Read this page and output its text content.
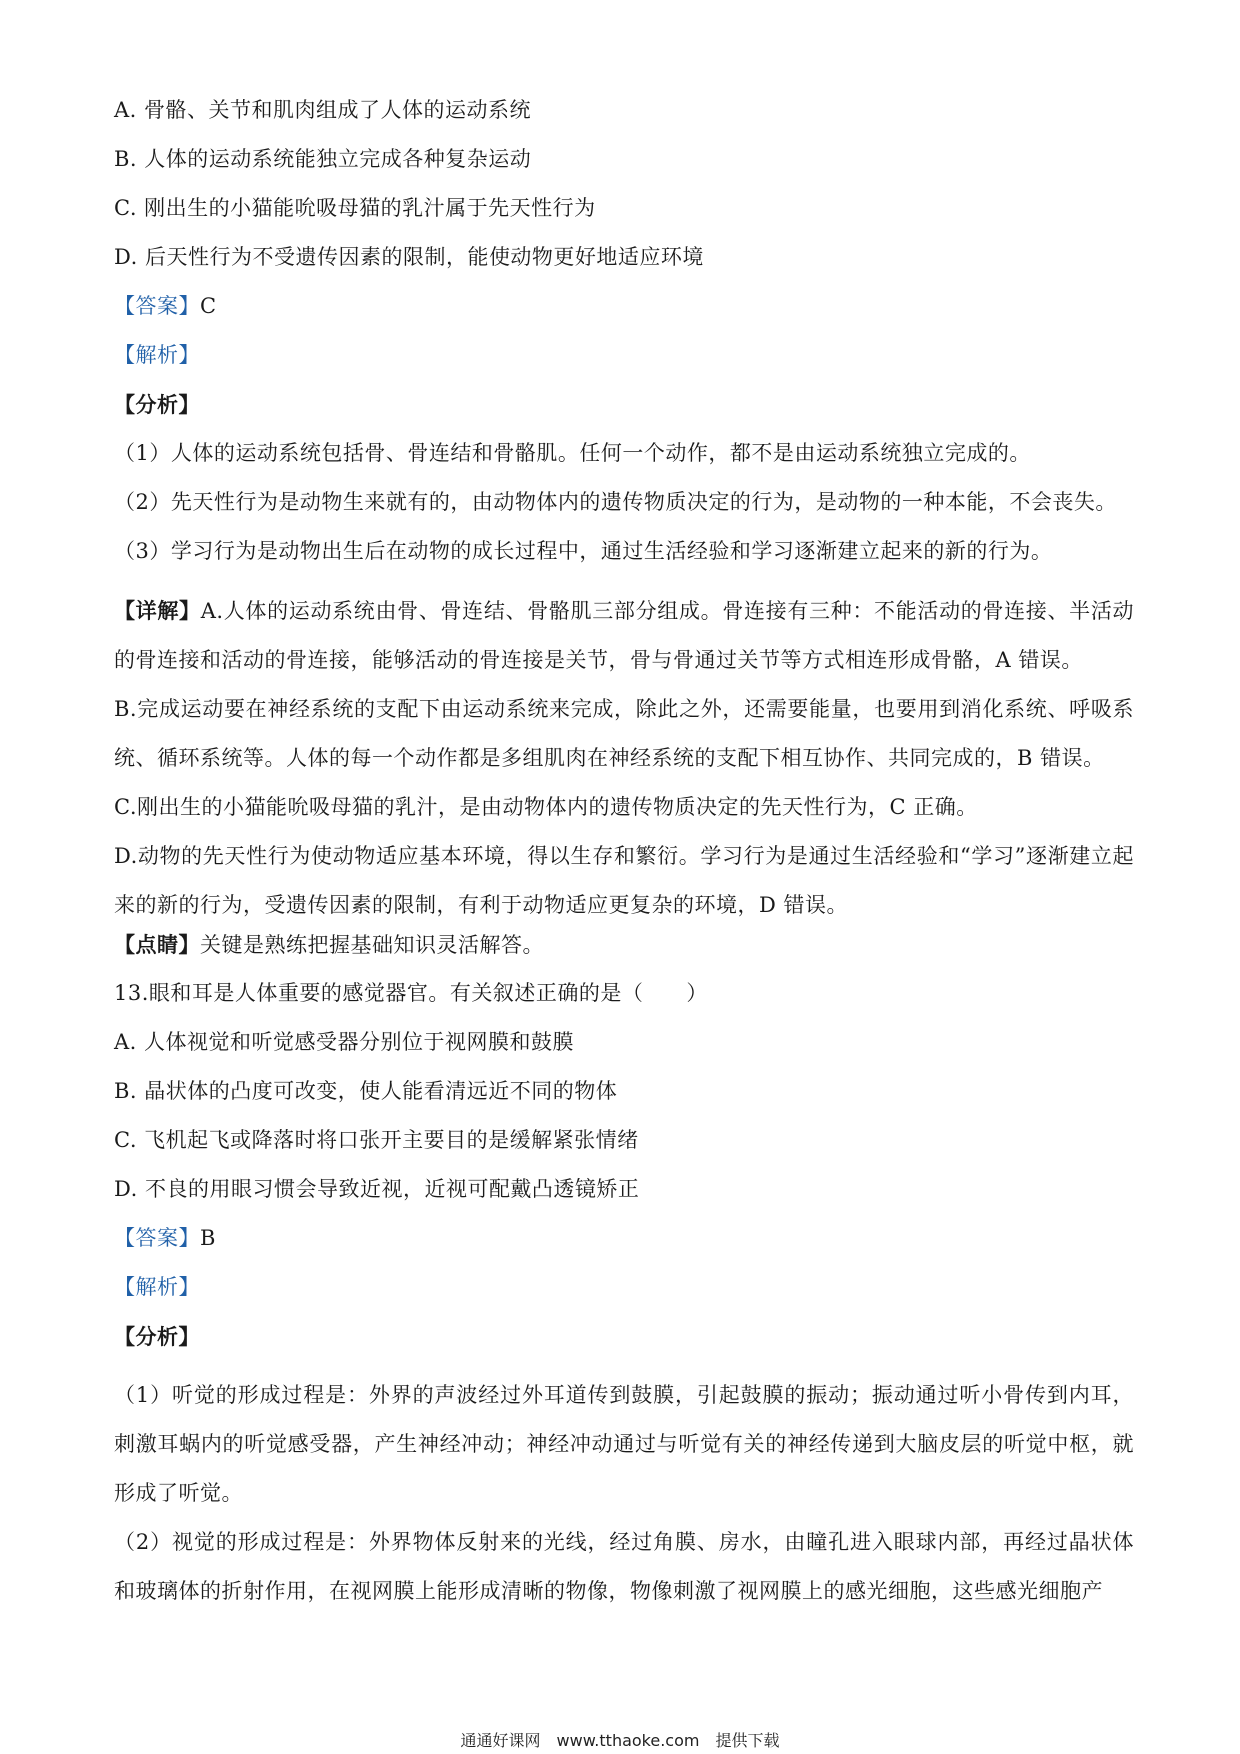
A. 骨骼、关节和肌肉组成了人体的运动系统
B. 人体的运动系统能独立完成各种复杂运动
C. 刚出生的小猫能吮吸母猫的乳汁属于先天性行为
D. 后天性行为不受遗传因素的限制，能使动物更好地适应环境
【答案】C
【解析】
【分析】
（1）人体的运动系统包括骨、骨连结和骨骼肌。任何一个动作，都不是由运动系统独立完成的。
（2）先天性行为是动物生来就有的，由动物体内的遗传物质决定的行为，是动物的一种本能，不会丧失。
（3）学习行为是动物出生后在动物的成长过程中，通过生活经验和学习逐渐建立起来的新的行为。
【详解】A.人体的运动系统由骨、骨连结、骨骼肌三部分组成。骨连接有三种：不能活动的骨连接、半活动的骨连接和活动的骨连接，能够活动的骨连接是关节，骨与骨通过关节等方式相连形成骨骼，A 错误。
B.完成运动要在神经系统的支配下由运动系统来完成，除此之外，还需要能量，也要用到消化系统、呼吸系统、循环系统等。人体的每一个动作都是多组肌肉在神经系统的支配下相互协作、共同完成的，B 错误。
C.刚出生的小猫能吮吸母猫的乳汁，是由动物体内的遗传物质决定的先天性行为，C 正确。
D.动物的先天性行为使动物适应基本环境，得以生存和繁衍。学习行为是通过生活经验和“学习”逐渐建立起来的新的行为，受遗传因素的限制，有利于动物适应更复杂的环境，D 错误。
【点睛】关键是熟练把握基础知识灵活解答。
13.眼和耳是人体重要的感觉器官。有关叙述正确的是（　　）
A. 人体视觉和听觉感受器分别位于视网膜和鼓膜
B. 晶状体的凸度可改变，使人能看清远近不同的物体
C. 飞机起飞或降落时将口张开主要目的是缓解紧张情绪
D. 不良的用眼习惯会导致近视，近视可配戴凸透镜矫正
【答案】B
【解析】
【分析】
（1）听觉的形成过程是：外界的声波经过外耳道传到鼓膜，引起鼓膜的振动；振动通过听小骨传到内耳，刺激耳蜗内的听觉感受器，产生神经冲动；神经冲动通过与听觉有关的神经传递到大脑皮层的听觉中枢，就形成了听觉。
（2）视觉的形成过程是：外界物体反射来的光线，经过角膜、房水，由瞳孔进入眼球内部，再经过晶状体和玻璃体的折射作用，在视网膜上能形成清晰的物像，物像刺激了视网膜上的感光细胞，这些感光细胞产
通通好课网　www.tthaoke.com　提供下载
